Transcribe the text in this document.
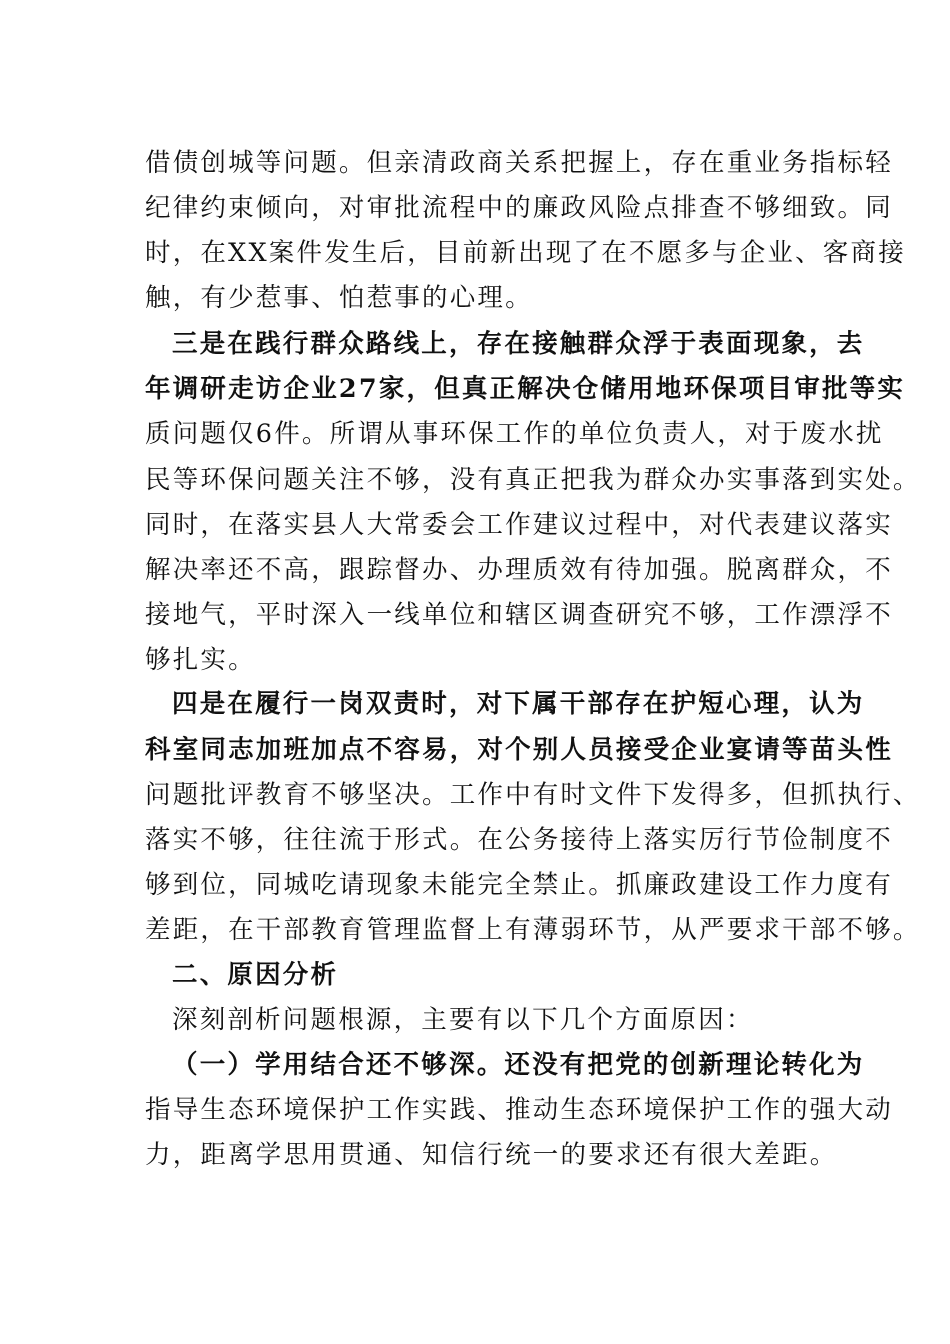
借债创城等问题。但亲清政商关系把握上，存在重业务指标轻
纪律约束倾向，对审批流程中的廉政风险点排查不够细致。同
时，在XX案件发生后，目前新出现了在不愿多与企业、客商接
触，有少惹事、怕惹事的心理。
三是在践行群众路线上，存在接触群众浮于表面现象，去
年调研走访企业27家，但真正解决仓储用地环保项目审批等实
质问题仅6件。所谓从事环保工作的单位负责人，对于废水扰
民等环保问题关注不够，没有真正把我为群众办实事落到实处。
同时，在落实县人大常委会工作建议过程中，对代表建议落实
解决率还不高，跟踪督办、办理质效有待加强。脱离群众，不
接地气，平时深入一线单位和辖区调查研究不够，工作漂浮不
够扎实。
四是在履行一岗双责时，对下属干部存在护短心理，认为
科室同志加班加点不容易，对个别人员接受企业宴请等苗头性
问题批评教育不够坚决。工作中有时文件下发得多，但抓执行、
落实不够，往往流于形式。在公务接待上落实厉行节俭制度不
够到位，同城吃请现象未能完全禁止。抓廉政建设工作力度有
差距，在干部教育管理监督上有薄弱环节，从严要求干部不够。
二、原因分析
深刻剖析问题根源，主要有以下几个方面原因：
（一）学用结合还不够深。还没有把党的创新理论转化为
指导生态环境保护工作实践、推动生态环境保护工作的强大动
力，距离学思用贯通、知信行统一的要求还有很大差距。
